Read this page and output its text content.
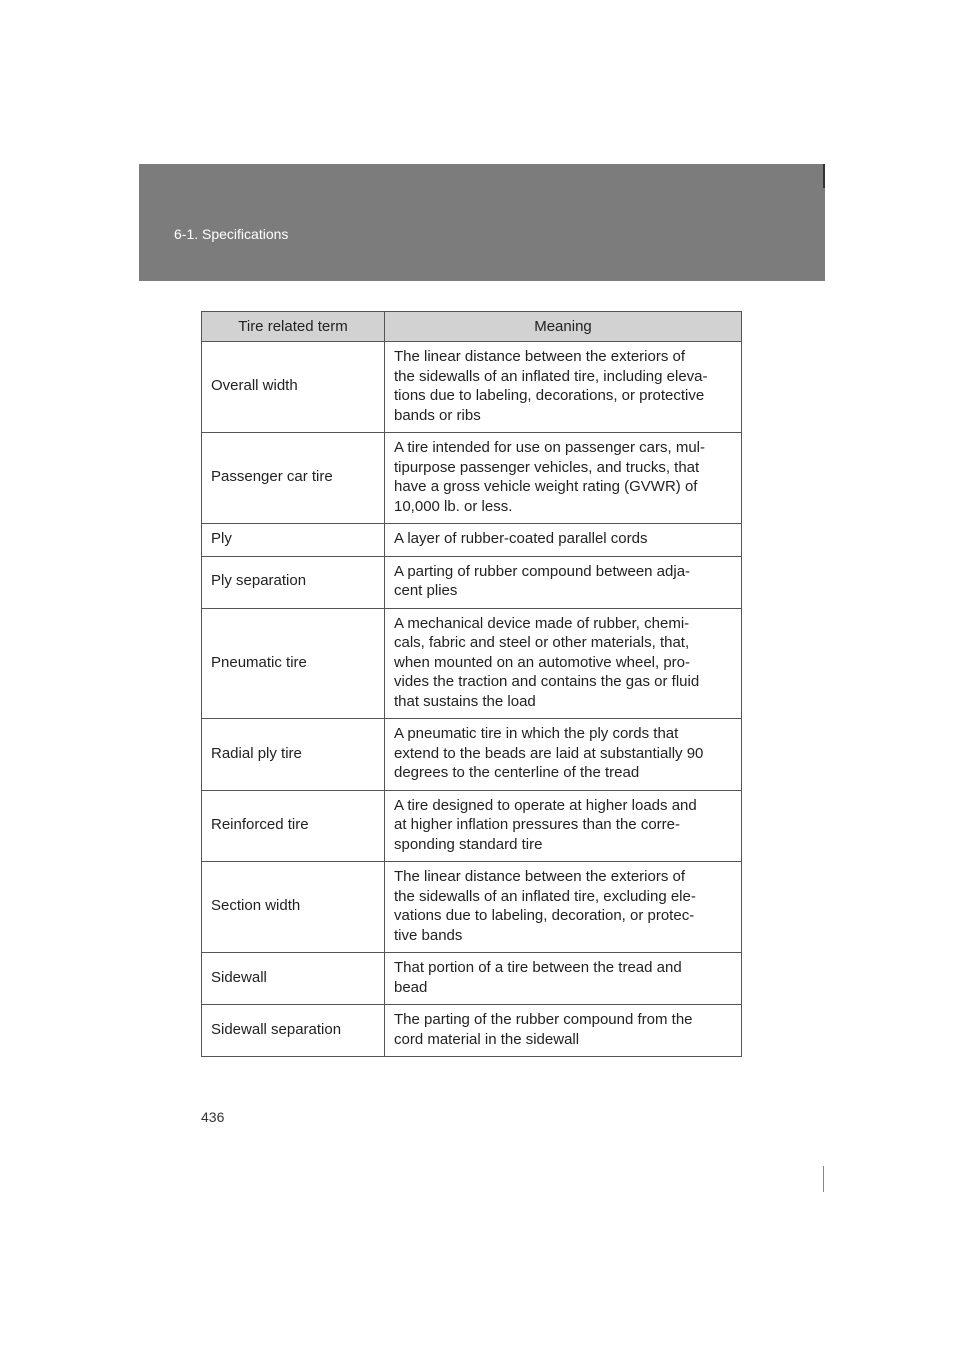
6-1. Specifications
Tire related term	Meaning
Overall width	The linear distance between the exteriors of
the sidewalls of an inflated tire, including eleva-
tions due to labeling, decorations, or protective
bands or ribs

Passenger car tire	A tire intended for use on passenger cars, mul-
tipurpose passenger vehicles, and trucks, that
have a gross vehicle weight rating (GVWR) of
10,000 lb. or less.

Ply	A layer of rubber-coated parallel cords

Ply separation	A parting of rubber compound between adja-
cent plies

Pneumatic tire	A mechanical device made of rubber, chemi-
cals, fabric and steel or other materials, that,
when mounted on an automotive wheel, pro-
vides the traction and contains the gas or fluid
that sustains the load

Radial ply tire	A pneumatic tire in which the ply cords that
extend to the beads are laid at substantially 90
degrees to the centerline of the tread

Reinforced tire	A tire designed to operate at higher loads and
at higher inflation pressures than the corre-
sponding standard tire

Section width	The linear distance between the exteriors of
the sidewalls of an inflated tire, excluding ele-
vations due to labeling, decoration, or protec-
tive bands

Sidewall	That portion of a tire between the tread and
bead

Sidewall separation	The parting of the rubber compound from the
cord material in the sidewall
436
